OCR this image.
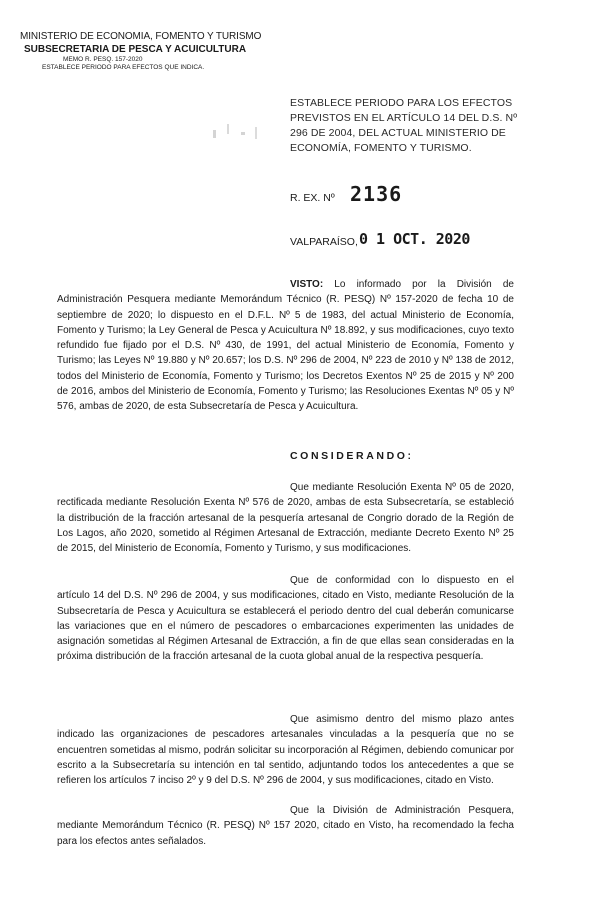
MINISTERIO DE ECONOMIA, FOMENTO Y TURISMO
SUBSECRETARIA DE PESCA Y ACUICULTURA
MEMO R. PESQ. 157-2020
ESTABLECE PERIODO PARA EFECTOS QUE INDICA.
ESTABLECE PERIODO PARA LOS EFECTOS PREVISTOS EN EL ARTÍCULO 14 DEL D.S. Nº 296 DE 2004, DEL ACTUAL MINISTERIO DE ECONOMÍA, FOMENTO Y TURISMO.
R. EX. Nº 2136
VALPARAÍSO, 0 1 OCT. 2020
VISTO: Lo informado por la División de Administración Pesquera mediante Memorándum Técnico (R. PESQ) Nº 157-2020 de fecha 10 de septiembre de 2020; lo dispuesto en el D.F.L. Nº 5 de 1983, del actual Ministerio de Economía, Fomento y Turismo; la Ley General de Pesca y Acuicultura Nº 18.892, y sus modificaciones, cuyo texto refundido fue fijado por el D.S. Nº 430, de 1991, del actual Ministerio de Economía, Fomento y Turismo; las Leyes Nº 19.880 y Nº 20.657; los D.S. Nº 296 de 2004, Nº 223 de 2010 y Nº 138 de 2012, todos del Ministerio de Economía, Fomento y Turismo; los Decretos Exentos Nº 25 de 2015 y Nº 200 de 2016, ambos del Ministerio de Economía, Fomento y Turismo; las Resoluciones Exentas Nº 05 y Nº 576, ambas de 2020, de esta Subsecretaría de Pesca y Acuicultura.
CONSIDERANDO:
Que mediante Resolución Exenta Nº 05 de 2020, rectificada mediante Resolución Exenta Nº 576 de 2020, ambas de esta Subsecretaría, se estableció la distribución de la fracción artesanal de la pesquería artesanal de Congrio dorado de la Región de Los Lagos, año 2020, sometido al Régimen Artesanal de Extracción, mediante Decreto Exento Nº 25 de 2015, del Ministerio de Economía, Fomento y Turismo, y sus modificaciones.
Que de conformidad con lo dispuesto en el artículo 14 del D.S. Nº 296 de 2004, y sus modificaciones, citado en Visto, mediante Resolución de la Subsecretaría de Pesca y Acuicultura se establecerá el periodo dentro del cual deberán comunicarse las variaciones que en el número de pescadores o embarcaciones experimenten las unidades de asignación sometidas al Régimen Artesanal de Extracción, a fin de que ellas sean consideradas en la próxima distribución de la fracción artesanal de la cuota global anual de la respectiva pesquería.
Que asimismo dentro del mismo plazo antes indicado las organizaciones de pescadores artesanales vinculadas a la pesquería que no se encuentren sometidas al mismo, podrán solicitar su incorporación al Régimen, debiendo comunicar por escrito a la Subsecretaría su intención en tal sentido, adjuntando todos los antecedentes a que se refieren los artículos 7 inciso 2º y 9 del D.S. Nº 296 de 2004, y sus modificaciones, citado en Visto.
Que la División de Administración Pesquera, mediante Memorándum Técnico (R. PESQ) Nº 157 2020, citado en Visto, ha recomendado la fecha para los efectos antes señalados.
